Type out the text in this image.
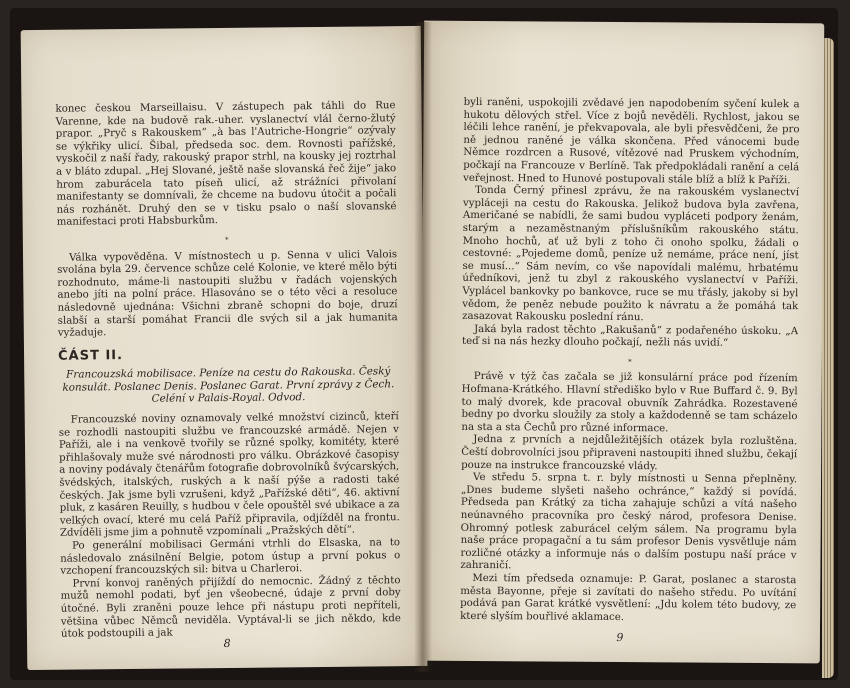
konec českou Marseillaisu. V zástupech pak táhli do Rue Varenne, kde na budově rak.-uher. vyslanectví vlál černo-žlutý prapor. „Pryč s Rakouskem“ „à bas l'Autriche-Hongrie“ ozývaly se výkřiky ulicí. Šibal, předseda soc. dem. Rovnosti pařížské, vyskočil z naší řady, rakouský prapor strhl, na kousky jej roztrhal a v bláto zdupal. „Hej Slované, ještě naše slovanská řeč žije“ jako hrom zaburácela tato píseň ulicí, až strážníci přivolaní manifestanty se domnívali, že chceme na budovu útočit a počali nás rozhánět. Druhý den se v tisku psalo o naší slovanské manifestaci proti Habsburkům.

*

Válka vypověděna. V místnostech u p. Senna v ulici Valois svolána byla 29. července schůze celé Kolonie, ve které mělo býti rozhodnuto, máme-li nastoupiti službu v řadách vojenských anebo jíti na polní práce. Hlasováno se o této věci a resoluce následovně ujednána: Všichni zbraně schopni do boje, druzí slabší a starší pomáhat Francii dle svých sil a jak humanita vyžaduje.

ČÁST II.
Francouzská mobilisace. Peníze na cestu do Rakouska. Český konsulát. Poslanec Denis. Poslanec Garat. První zprávy z Čech. Celéní v Palais-Royal. Odvod.

Francouzské noviny oznamovaly velké množství cizinců, kteří se rozhodli nastoupiti službu ve francouzské armádě. Nejen v Paříži, ale i na venkově tvořily se různé spolky, komitéty, které přihlašovaly muže své národnosti pro válku. Obrázkové časopisy a noviny podávaly čtenářům fotografie dobrovolníků švýcarských, švédských, italských, ruských a k naší pýše a radosti také českých. Jak jsme byli vzrušeni, když „Pařížské děti“, 46. aktivní pluk, z kasáren Reuilly, s hudbou v čele opouštěl své ubikace a za velkých ovací, které mu celá Paříž připravila, odjížděl na frontu. Zdvíděli jsme jim a pohnutě vzpomínali „Pražských dětí“.

Po generální mobilisaci Germáni vtrhli do Elsaska, na to následovalo znásilnění Belgie, potom ústup a první pokus o vzchopení francouzských sil: bitva u Charleroi.

První konvoj raněných přijíždí do nemocnic. Žádný z těchto mužů nemohl podati, byť jen všeobecné, údaje z první doby útočné. Byli zraněni pouze lehce při nástupu proti nepříteli, většina vůbec Němců neviděla. Vyptával-li se jich někdo, kde útok podstoupili a jak

8

byli raněni, uspokojili zvědavé jen napodobením syčení kulek a hukotu dělových střel. Více z bojů nevěděli. Rychlost, jakou se léčili lehce ranění, je překvapovala, ale byli přesvědčeni, že pro ně jednou raněné je válka skončena. Před vánocemi bude Němce rozdrcen a Rusové, vítězové nad Pruskem východním, počkají na Francouze v Berlíně. Tak předpokládali ranění a celá veřejnost. Hned to Hunové postupovali stále blíž a blíž k Paříži.

Tonda Černý přinesl zprávu, že na rakouském vyslanectví vypláceji na cestu do Rakouska. Jelikož budova byla zavřena, Američané se nabídli, že sami budou vypláceti podpory ženám, starým a nezaměstnaným příslušníkům rakouského státu. Mnoho hochů, ať už byli z toho či onoho spolku, žádali o cestovné: „Pojedeme domů, peníze už nemáme, práce není, jíst se musí...“ Sám nevím, co vše napovídali malému, hrbatému úředníkovi, jenž tu zbyl z rakouského vyslanectví v Paříži. Vyplácel bankovky po bankovce, ruce se mu třásly, jakoby si byl vědom, že peněz nebude použito k návratu a že pomáhá tak zasazovat Rakousku poslední ránu.

Jaká byla radost těchto „Rakušanů“ z podařeného úskoku. „A teď si na nás hezky dlouho počkají, nežli nás uvidí.“

*

Právě v týž čas začala se již konsulární práce pod řízením Hofmana-Krátkého. Hlavní střediško bylo v Rue Buffard č. 9. Byl to malý dvorek, kde pracoval obuvník Zahrádka. Rozestavené bedny po dvorku sloužily za stoly a každodenně se tam scházelo na sta a sta Čechů pro různé informace.

Jedna z prvních a nejdůležitějších otázek byla rozluštěna. Čeští dobrovolníci jsou připraveni nastoupiti ihned službu, čekají pouze na instrukce francouzské vlády.

Ve středu 5. srpna t. r. byly místnosti u Senna přeplněny. „Dnes budeme slyšeti našeho ochránce,“ každý si povídá. Předseda pan Krátký za ticha zahajuje schůzi a vítá našeho neúnavného pracovníka pro český národ, profesora Denise. Ohromný potlesk zaburácel celým sálem. Na programu byla naše práce propagační a tu sám profesor Denis vysvětluje nám rozličné otázky a informuje nás o dalším postupu naší práce v zahraničí.

Mezi tím předseda oznamuje: P. Garat, poslanec a starosta města Bayonne, přeje si zavítati do našeho středu. Po uvítání podává pan Garat krátké vysvětlení: „Jdu kolem této budovy, ze které slyším bouřlivé aklamace.

9
